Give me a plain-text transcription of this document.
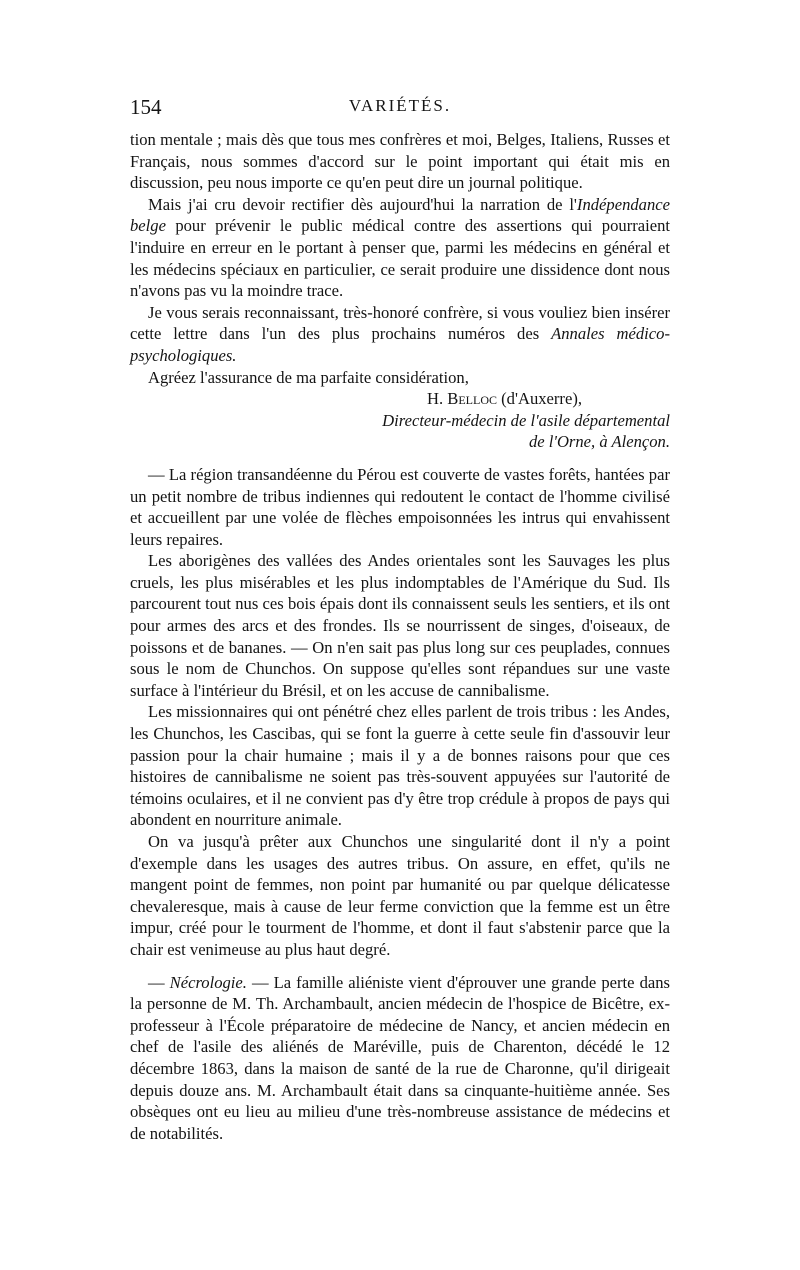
154	VARIÉTÉS.

tion mentale ; mais dès que tous mes confrères et moi, Belges, Italiens, Russes et Français, nous sommes d'accord sur le point important qui était mis en discussion, peu nous importe ce qu'en peut dire un journal politique.

Mais j'ai cru devoir rectifier dès aujourd'hui la narration de l'Indépendance belge pour prévenir le public médical contre des assertions qui pourraient l'induire en erreur en le portant à penser que, parmi les médecins en général et les médecins spéciaux en particulier, ce serait produire une dissidence dont nous n'avons pas vu la moindre trace.

Je vous serais reconnaissant, très-honoré confrère, si vous vouliez bien insérer cette lettre dans l'un des plus prochains numéros des Annales médico-psychologiques.

Agréez l'assurance de ma parfaite considération,

H. Belloc (d'Auxerre),

Directeur-médecin de l'asile départemental

de l'Orne, à Alençon.

— La région transandéenne du Pérou est couverte de vastes forêts, hantées par un petit nombre de tribus indiennes qui redoutent le contact de l'homme civilisé et accueillent par une volée de flèches empoisonnées les intrus qui envahissent leurs repaires.

Les aborigènes des vallées des Andes orientales sont les Sauvages les plus cruels, les plus misérables et les plus indomptables de l'Amérique du Sud. Ils parcourent tout nus ces bois épais dont ils connaissent seuls les sentiers, et ils ont pour armes des arcs et des frondes. Ils se nourrissent de singes, d'oiseaux, de poissons et de bananes. — On n'en sait pas plus long sur ces peuplades, connues sous le nom de Chunchos. On suppose qu'elles sont répandues sur une vaste surface à l'intérieur du Brésil, et on les accuse de cannibalisme.

Les missionnaires qui ont pénétré chez elles parlent de trois tribus : les Andes, les Chunchos, les Cascibas, qui se font la guerre à cette seule fin d'assouvir leur passion pour la chair humaine ; mais il y a de bonnes raisons pour que ces histoires de cannibalisme ne soient pas très-souvent appuyées sur l'autorité de témoins oculaires, et il ne convient pas d'y être trop crédule à propos de pays qui abondent en nourriture animale.

On va jusqu'à prêter aux Chunchos une singularité dont il n'y a point d'exemple dans les usages des autres tribus. On assure, en effet, qu'ils ne mangent point de femmes, non point par humanité ou par quelque délicatesse chevaleresque, mais à cause de leur ferme conviction que la femme est un être impur, créé pour le tourment de l'homme, et dont il faut s'abstenir parce que la chair est venimeuse au plus haut degré.

— Nécrologie. — La famille aliéniste vient d'éprouver une grande perte dans la personne de M. Th. Archambault, ancien médecin de l'hospice de Bicêtre, ex-professeur à l'École préparatoire de médecine de Nancy, et ancien médecin en chef de l'asile des aliénés de Maréville, puis de Charenton, décédé le 12 décembre 1863, dans la maison de santé de la rue de Charonne, qu'il dirigeait depuis douze ans. M. Archambault était dans sa cinquante-huitième année. Ses obsèques ont eu lieu au milieu d'une très-nombreuse assistance de médecins et de notabilités.
